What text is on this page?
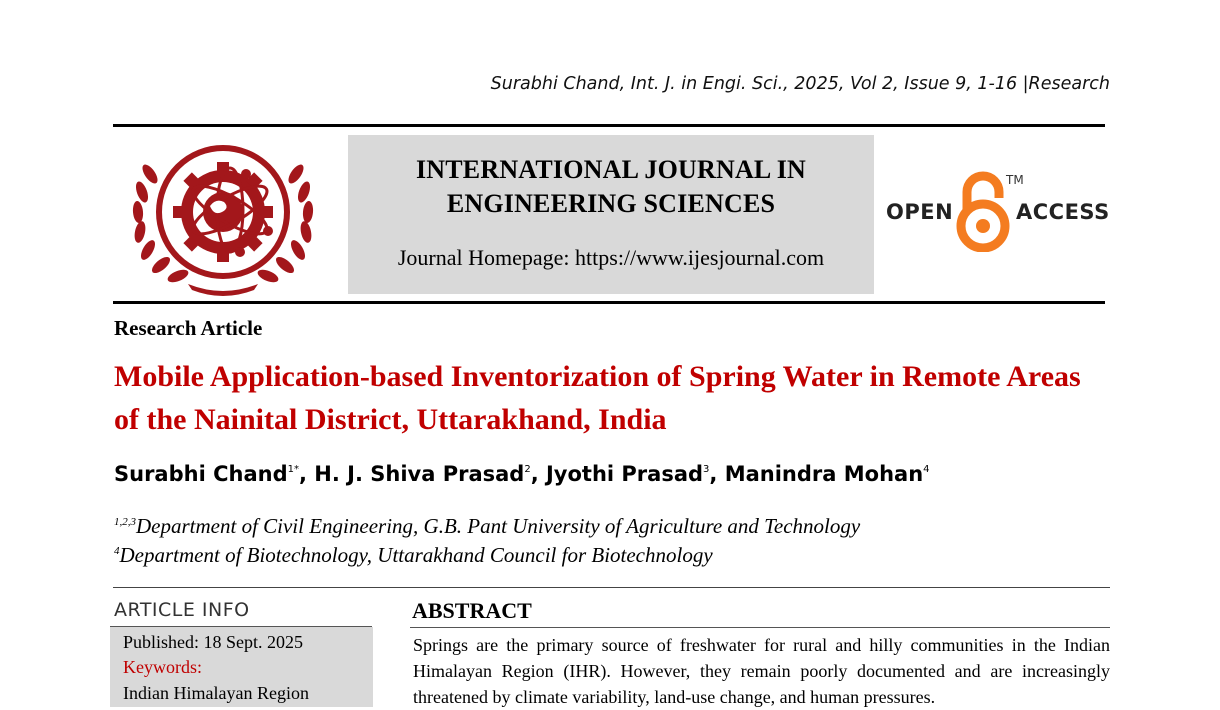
Surabhi Chand, Int. J. in Engi. Sci., 2025, Vol 2, Issue 9, 1-16 |Research
INTERNATIONAL JOURNAL IN
ENGINEERING SCIENCES
Journal Homepage: https://www.ijesjournal.com
OPEN
TM
ACCESS
Research Article
Mobile Application-based Inventorization of Spring Water in Remote Areas of the Nainital District, Uttarakhand, India
Surabhi Chand$^{1*}$, H. J. Shiva Prasad$^2$, Jyothi Prasad$^3$, Manindra Mohan$^4$
$^{1,2,3}$Department of Civil Engineering, G.B. Pant University of Agriculture and Technology
$^4$Department of Biotechnology, Uttarakhand Council for Biotechnology
ARTICLE INFO
Published: 18 Sept. 2025
Keywords:
Indian Himalayan Region
ABSTRACT
Springs are the primary source of freshwater for rural and hilly communities in the Indian Himalayan Region (IHR). However, they remain poorly documented and are increasingly threatened by climate variability, land-use change, and human pressures.
